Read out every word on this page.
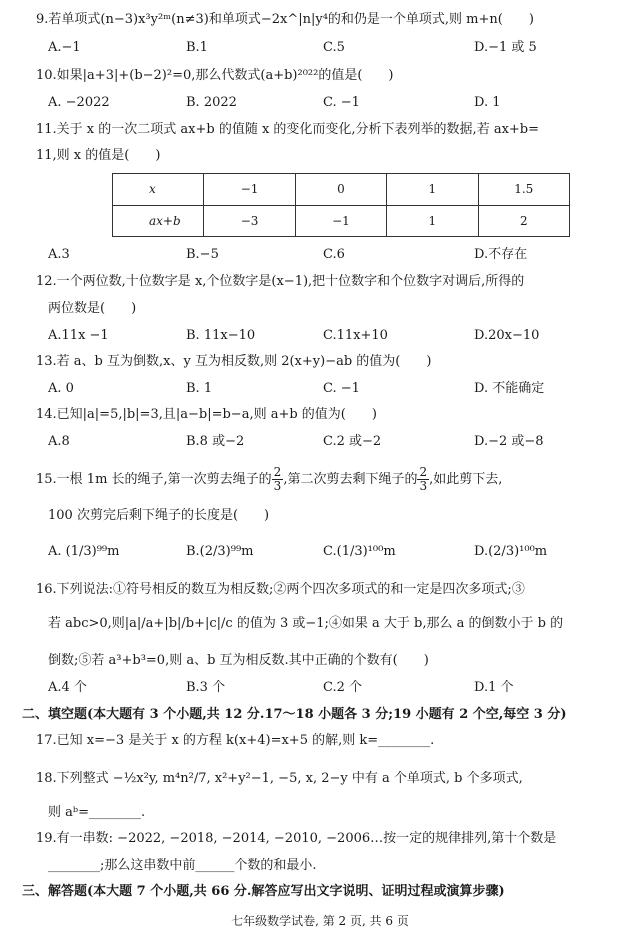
9.若单项式(n−3)x³y²ᵐ(n≠3)和单项式−2x^|n|y⁴的和仍是一个单项式,则 m+n(　　)
A.−1	B.1	C.5	D.−1 或 5
10.如果|a+3|+(b−2)²=0,那么代数式(a+b)²⁰²²的值是(　　)
A. −2022	B. 2022	C. −1	D. 1
11.关于 x 的一次二项式 ax+b 的值随 x 的变化而变化,分析下表列举的数据,若 ax+b=
11,则 x 的值是(　　)
x	−1	0	1	1.5
ax+b	−3	−1	1	2
A.3	B.−5	C.6	D.不存在
12.一个两位数,十位数字是 x,个位数字是(x−1),把十位数字和个位数字对调后,所得的
两位数是(　　)
A.11x −1	B. 11x−10	C.11x+10	D.20x−10
13.若 a、b 互为倒数,x、y 互为相反数,则 2(x+y)−ab 的值为(　　)
A. 0	B. 1	C. −1	D. 不能确定
14.已知|a|=5,|b|=3,且|a−b|=b−a,则 a+b 的值为(　　)
A.8	B.8 或−2	C.2 或−2	D.−2 或−8
15.一根 1m 长的绳子,第一次剪去绳子的 $\frac{2}{3}$ ,第二次剪去剩下绳子的 $\frac{2}{3}$ ,如此剪下去,
100 次剪完后剩下绳子的长度是(　　)
A. (1/3)⁹⁹m	B.(2/3)⁹⁹m	C.(1/3)¹⁰⁰m	D.(2/3)¹⁰⁰m
16.下列说法:①符号相反的数互为相反数;②两个四次多项式的和一定是四次多项式;③
若 abc>0,则|a|/a+|b|/b+|c|/c 的值为 3 或−1;④如果 a 大于 b,那么 a 的倒数小于 b 的
倒数;⑤若 a³+b³=0,则 a、b 互为相反数.其中正确的个数有(　　)
A.4 个	B.3 个	C.2 个	D.1 个
二、填空题(本大题有 3 个小题,共 12 分.17～18 小题各 3 分;19 小题有 2 个空,每空 3 分)
17.已知 x=−3 是关于 x 的方程 k(x+4)=x+5 的解,则 k=________.
18.下列整式 −½x²y, m⁴n²/7, x²+y²−1, −5, x, 2−y 中有 a 个单项式, b 个多项式,
则 aᵇ=________.
19.有一串数: −2022, −2018, −2014, −2010, −2006…按一定的规律排列,第十个数是
________;那么这串数中前______个数的和最小.
三、解答题(本大题 7 个小题,共 66 分.解答应写出文字说明、证明过程或演算步骤)
七年级数学试卷, 第 2 页, 共 6 页
